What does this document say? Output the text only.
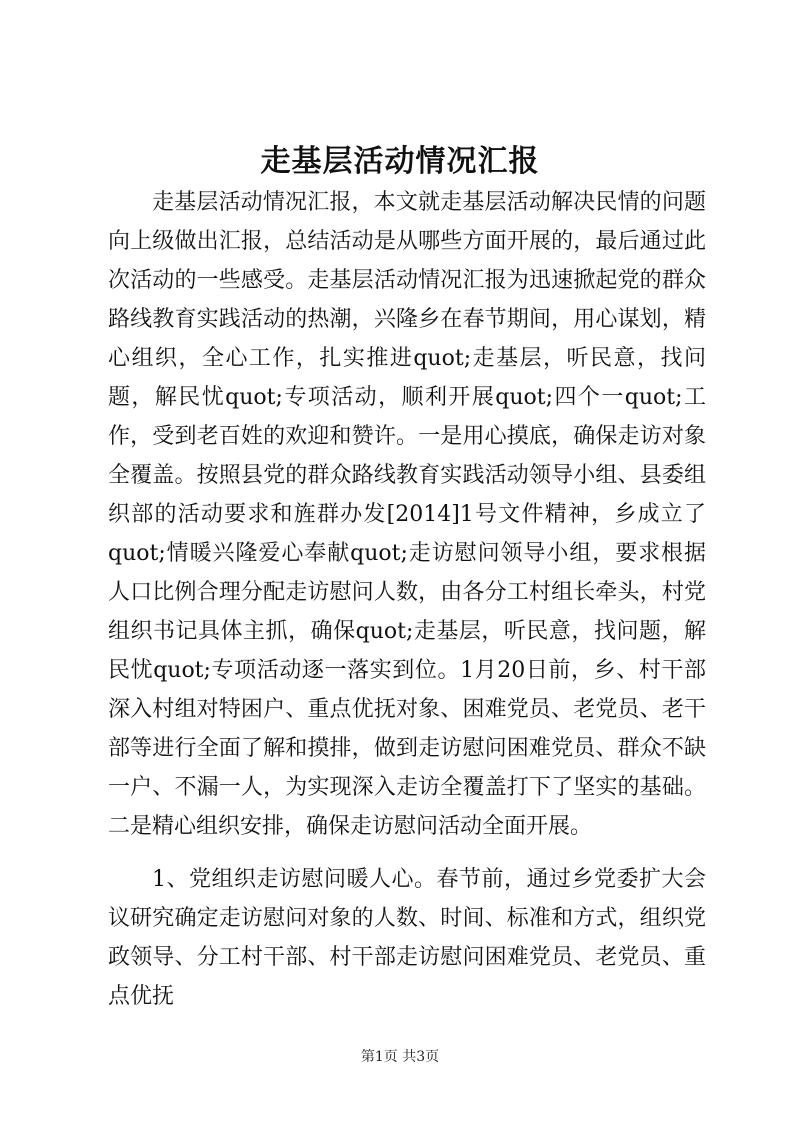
走基层活动情况汇报

走基层活动情况汇报，本文就走基层活动解决民情的问题向上级做出汇报，总结活动是从哪些方面开展的，最后通过此次活动的一些感受。走基层活动情况汇报为迅速掀起党的群众路线教育实践活动的热潮，兴隆乡在春节期间，用心谋划，精心组织，全心工作，扎实推进quot;走基层，听民意，找问题，解民忧quot;专项活动，顺利开展quot;四个一quot;工作，受到老百姓的欢迎和赞许。一是用心摸底，确保走访对象全覆盖。按照县党的群众路线教育实践活动领导小组、县委组织部的活动要求和旌群办发[2014]1号文件精神，乡成立了quot;情暖兴隆爱心奉献quot;走访慰问领导小组，要求根据人口比例合理分配走访慰问人数，由各分工村组长牵头，村党组织书记具体主抓，确保quot;走基层，听民意，找问题，解民忧quot;专项活动逐一落实到位。1月20日前，乡、村干部深入村组对特困户、重点优抚对象、困难党员、老党员、老干部等进行全面了解和摸排，做到走访慰问困难党员、群众不缺一户、不漏一人，为实现深入走访全覆盖打下了坚实的基础。二是精心组织安排，确保走访慰问活动全面开展。

1、党组织走访慰问暖人心。春节前，通过乡党委扩大会议研究确定走访慰问对象的人数、时间、标准和方式，组织党政领导、分工村干部、村干部走访慰问困难党员、老党员、重点优抚

第1页 共3页
